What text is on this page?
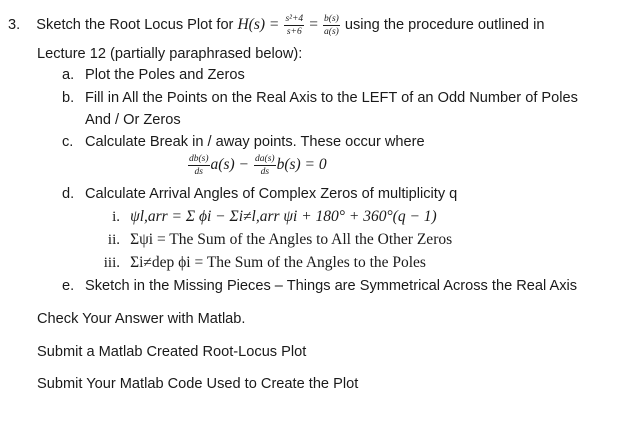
3. Sketch the Root Locus Plot for $H(s) = \frac{\text{s²+4}}{s+6} = \frac{b(s)}{a(s)}$ using the procedure outlined in
Lecture 12 (partially paraphrased below):
a. Plot the Poles and Zeros
b. Fill in All the Points on the Real Axis to the LEFT of an Odd Number of Poles
And / Or Zeros
c. Calculate Break in / away points. These occur where
$\frac{db(s)}{ds} a(s) - \frac{da(s)}{ds} b(s) = 0$
d. Calculate Arrival Angles of Complex Zeros of multiplicity q
i. ψl,arr = Σ ϕi − Σi≠l,arr ψi + 180° + 360°(q − 1)
ii. Σψi = The Sum of the Angles to All the Other Zeros
iii. Σi≠dep ϕi = The Sum of the Angles to the Poles
e. Sketch in the Missing Pieces – Things are Symmetrical Across the Real Axis
Check Your Answer with Matlab.
Submit a Matlab Created Root-Locus Plot
Submit Your Matlab Code Used to Create the Plot
